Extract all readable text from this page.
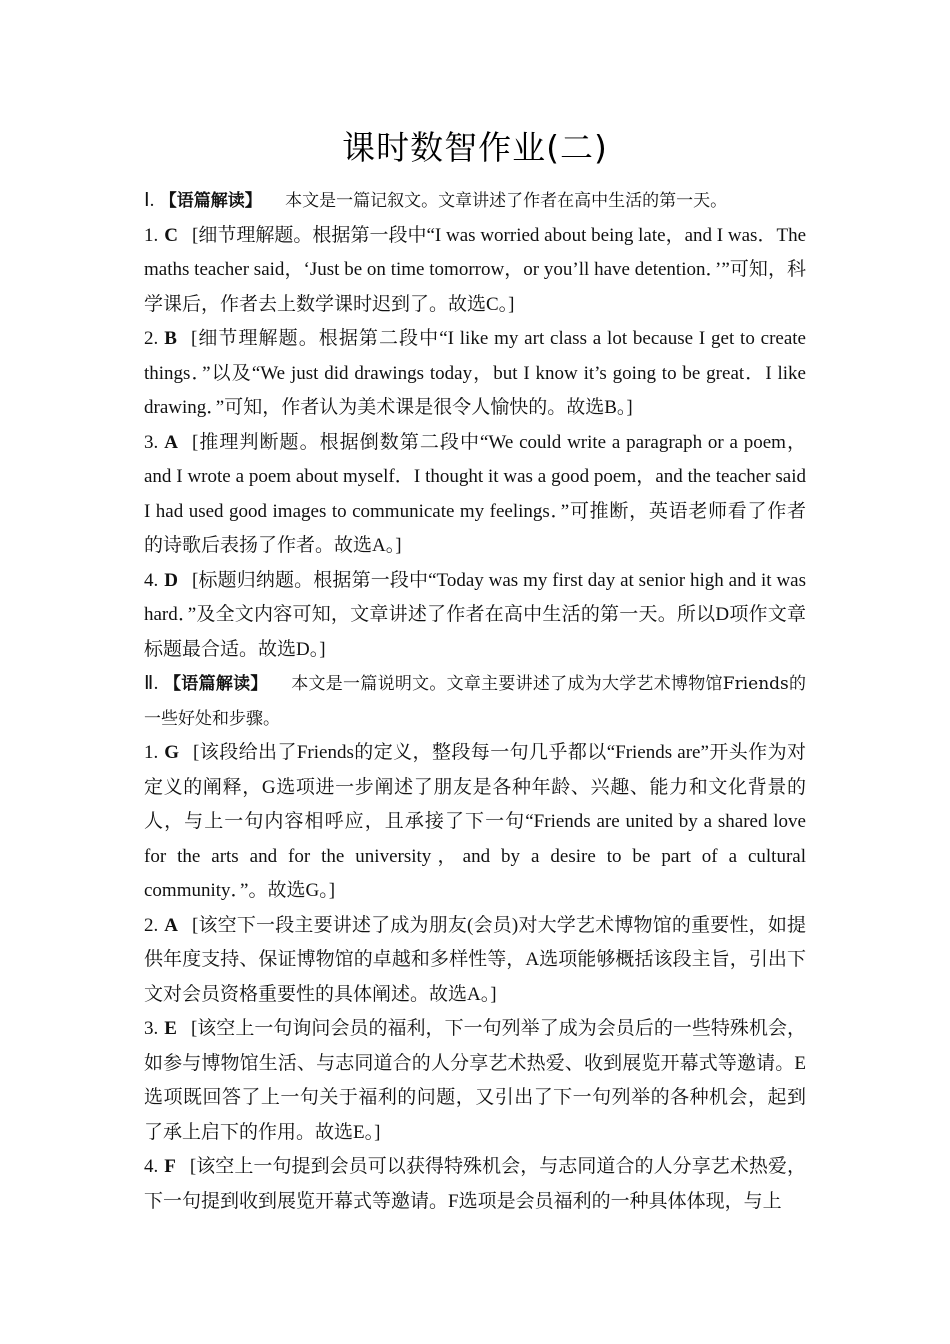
课时数智作业(二)

Ⅰ. 【语篇解读】 本文是一篇记叙文。文章讲述了作者在高中生活的第一天。

1. C [细节理解题。根据第一段中“I was worried about being late，and I was．The maths teacher said，‘Just be on time tomorrow，or you’ll have detention．’”可知，科学课后，作者去上数学课时迟到了。故选C。]

2. B [细节理解题。根据第二段中“I like my art class a lot because I get to create things．”以及“We just did drawings today，but I know it’s going to be great．I like drawing．”可知，作者认为美术课是很令人愉快的。故选B。]

3. A [推理判断题。根据倒数第二段中“We could write a paragraph or a poem，and I wrote a poem about myself．I thought it was a good poem，and the teacher said I had used good images to communicate my feelings．”可推断，英语老师看了作者的诗歌后表扬了作者。故选A。]

4. D [标题归纳题。根据第一段中“Today was my first day at senior high and it was hard．”及全文内容可知，文章讲述了作者在高中生活的第一天。所以D项作文章标题最合适。故选D。]

Ⅱ. 【语篇解读】 本文是一篇说明文。文章主要讲述了成为大学艺术博物馆Friends的一些好处和步骤。

1. G [该段给出了Friends的定义，整段每一句几乎都以“Friends are”开头作为对定义的阐释，G选项进一步阐述了朋友是各种年龄、兴趣、能力和文化背景的人，与上一句内容相呼应，且承接了下一句“Friends are united by a shared love for the arts and for the university，and by a desire to be part of a cultural community．”。故选G。]

2. A [该空下一段主要讲述了成为朋友(会员)对大学艺术博物馆的重要性，如提供年度支持、保证博物馆的卓越和多样性等，A选项能够概括该段主旨，引出下文对会员资格重要性的具体阐述。故选A。]

3. E [该空上一句询问会员的福利，下一句列举了成为会员后的一些特殊机会，如参与博物馆生活、与志同道合的人分享艺术热爱、收到展览开幕式等邀请。E选项既回答了上一句关于福利的问题，又引出了下一句列举的各种机会，起到了承上启下的作用。故选E。]

4. F [该空上一句提到会员可以获得特殊机会，与志同道合的人分享艺术热爱，下一句提到收到展览开幕式等邀请。F选项是会员福利的一种具体体现，与上
